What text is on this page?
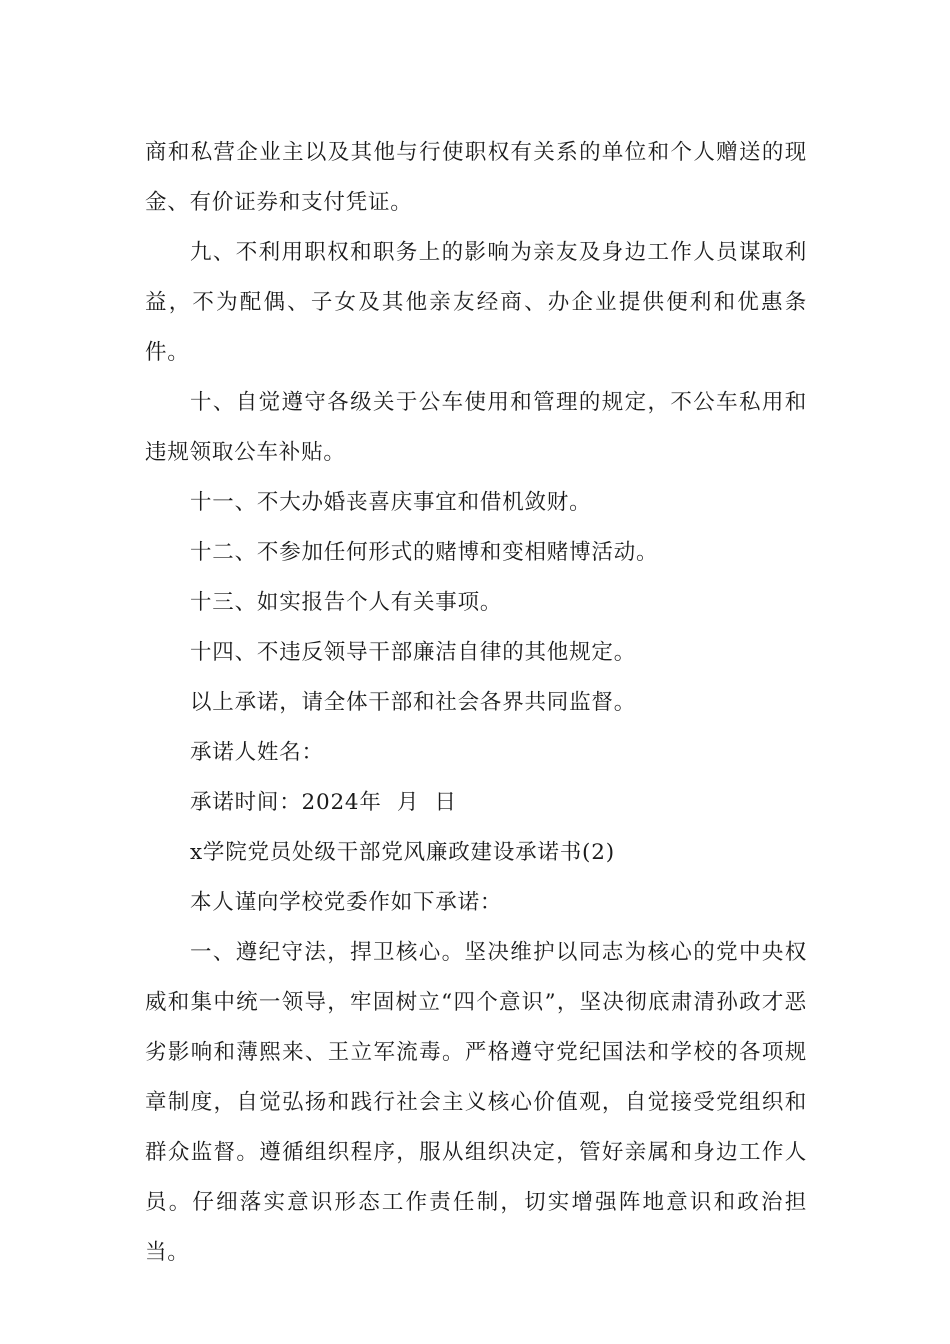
商和私营企业主以及其他与行使职权有关系的单位和个人赠送的现金、有价证券和支付凭证。

九、不利用职权和职务上的影响为亲友及身边工作人员谋取利益，不为配偶、子女及其他亲友经商、办企业提供便利和优惠条件。

十、自觉遵守各级关于公车使用和管理的规定，不公车私用和违规领取公车补贴。

十一、不大办婚丧喜庆事宜和借机敛财。

十二、不参加任何形式的赌博和变相赌博活动。

十三、如实报告个人有关事项。

十四、不违反领导干部廉洁自律的其他规定。

以上承诺，请全体干部和社会各界共同监督。

承诺人姓名：

承诺时间：2024年  月  日

x学院党员处级干部党风廉政建设承诺书(2)

本人谨向学校党委作如下承诺：

一、遵纪守法，捍卫核心。坚决维护以同志为核心的党中央权威和集中统一领导，牢固树立“四个意识”，坚决彻底肃清孙政才恶劣影响和薄熙来、王立军流毒。严格遵守党纪国法和学校的各项规章制度，自觉弘扬和践行社会主义核心价值观，自觉接受党组织和群众监督。遵循组织程序，服从组织决定，管好亲属和身边工作人员。仔细落实意识形态工作责任制，切实增强阵地意识和政治担当。
